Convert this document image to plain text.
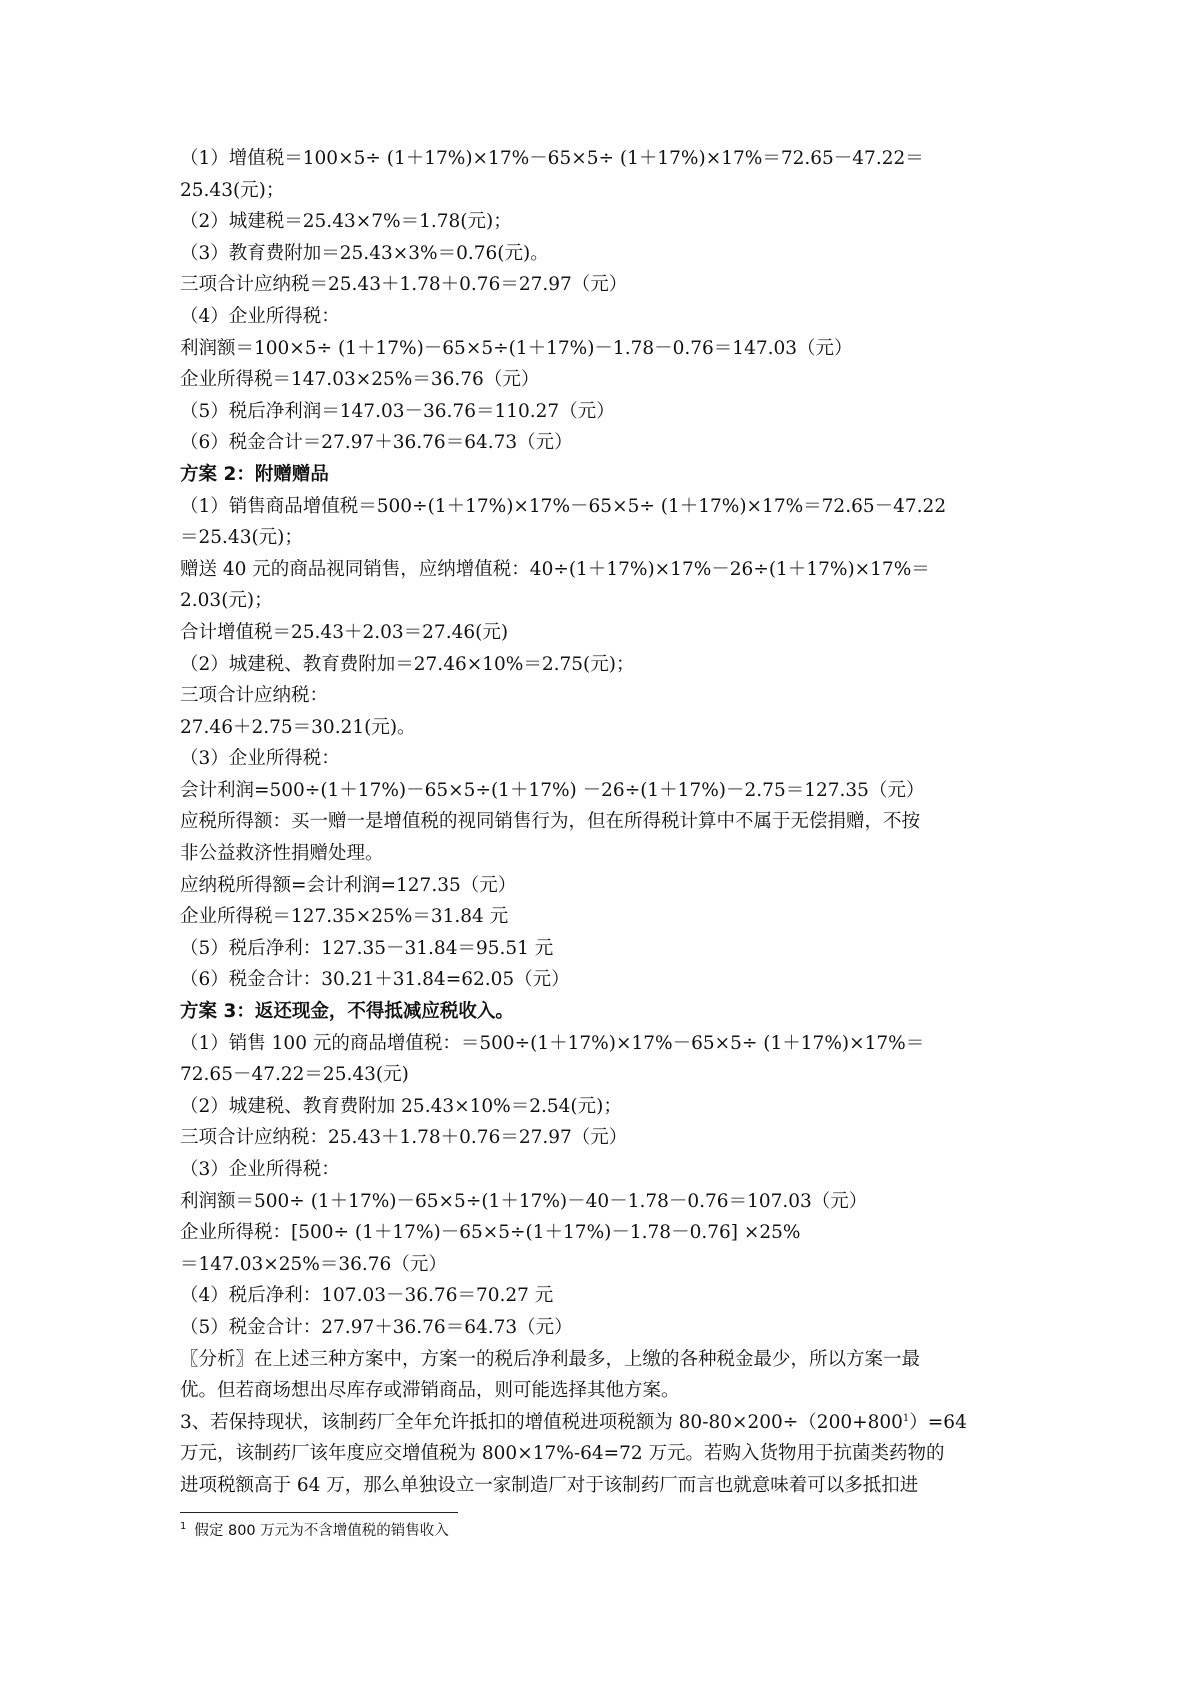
（1）增值税＝100×5÷ (1＋17%)×17%－65×5÷ (1＋17%)×17%＝72.65－47.22＝
25.43(元)；
（2）城建税＝25.43×7%＝1.78(元)；
（3）教育费附加＝25.43×3%＝0.76(元)。
三项合计应纳税＝25.43＋1.78＋0.76＝27.97（元）
（4）企业所得税：
利润额＝100×5÷ (1＋17%)－65×5÷(1＋17%)－1.78－0.76＝147.03（元）
企业所得税＝147.03×25%＝36.76（元）
（5）税后净利润＝147.03－36.76＝110.27（元）
（6）税金合计＝27.97＋36.76＝64.73（元）
方案 2：附赠赠品
（1）销售商品增值税＝500÷(1＋17%)×17%－65×5÷ (1＋17%)×17%＝72.65－47.22
＝25.43(元)；
赠送 40 元的商品视同销售，应纳增值税：40÷(1＋17%)×17%－26÷(1＋17%)×17%＝
2.03(元)；
合计增值税＝25.43＋2.03＝27.46(元)
（2）城建税、教育费附加＝27.46×10%＝2.75(元)；
三项合计应纳税：
27.46＋2.75＝30.21(元)。
（3）企业所得税：
会计利润=500÷(1＋17%)－65×5÷(1＋17%) －26÷(1＋17%)－2.75＝127.35（元）
应税所得额：买一赠一是增值税的视同销售行为，但在所得税计算中不属于无偿捐赠，不按
非公益救济性捐赠处理。
应纳税所得额=会计利润=127.35（元）
企业所得税＝127.35×25%＝31.84 元
（5）税后净利：127.35－31.84＝95.51 元
（6）税金合计：30.21＋31.84=62.05（元）
方案 3：返还现金，不得抵减应税收入。
（1）销售 100 元的商品增值税：＝500÷(1＋17%)×17%－65×5÷ (1＋17%)×17%＝
72.65－47.22＝25.43(元)
（2）城建税、教育费附加 25.43×10%＝2.54(元)；
三项合计应纳税：25.43＋1.78＋0.76＝27.97（元）
（3）企业所得税：
利润额＝500÷ (1＋17%)－65×5÷(1＋17%)－40－1.78－0.76＝107.03（元）
企业所得税：[500÷ (1＋17%)－65×5÷(1＋17%)－1.78－0.76] ×25%
＝147.03×25%＝36.76（元）
（4）税后净利：107.03－36.76＝70.27 元
（5）税金合计：27.97＋36.76＝64.73（元）
〖分析〗在上述三种方案中，方案一的税后净利最多，上缴的各种税金最少，所以方案一最
优。但若商场想出尽库存或滞销商品，则可能选择其他方案。
3、若保持现状，该制药厂全年允许抵扣的增值税进项税额为 80-80×200÷（200+800$^1$）=64
万元，该制药厂该年度应交增值税为 800×17%-64=72 万元。若购入货物用于抗菌类药物的
进项税额高于 64 万，那么单独设立一家制造厂对于该制药厂而言也就意味着可以多抵扣进
$^1$ 假定 800 万元为不含增值税的销售收入
